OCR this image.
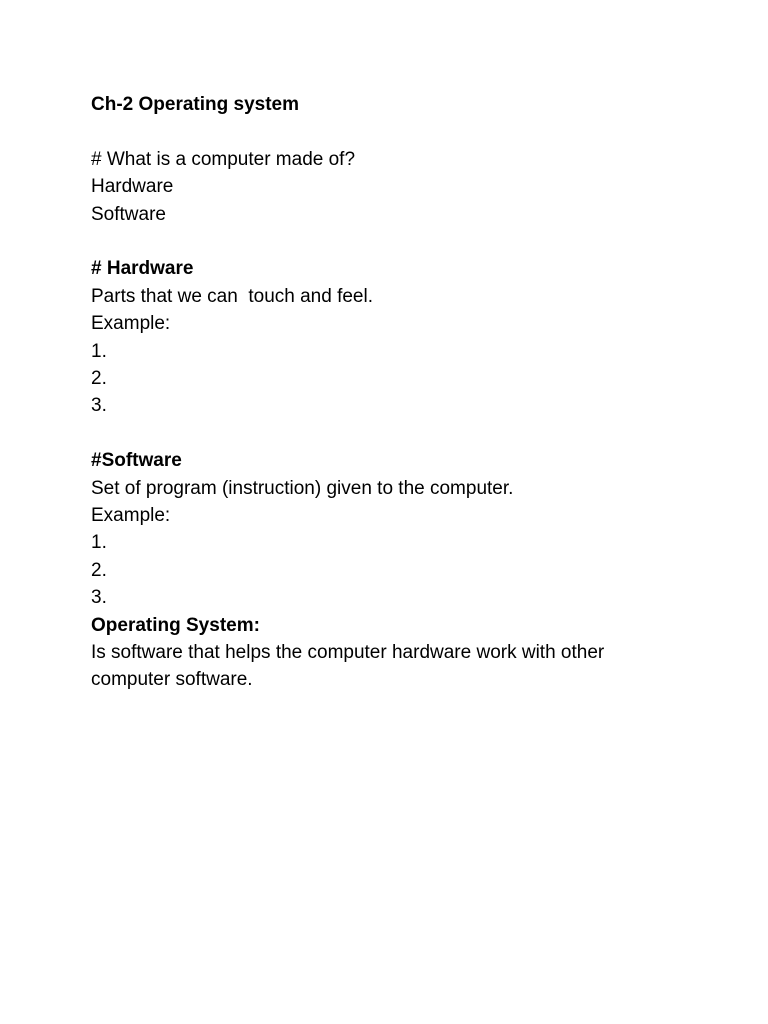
Ch-2 Operating system
# What is a computer made of?
Hardware
Software
# Hardware
Parts that we can  touch and feel.
Example:
1.
2.
3.
#Software
Set of program (instruction) given to the computer.
Example:
1.
2.
3.
Operating System:
Is software that helps the computer hardware work with other
computer software.
